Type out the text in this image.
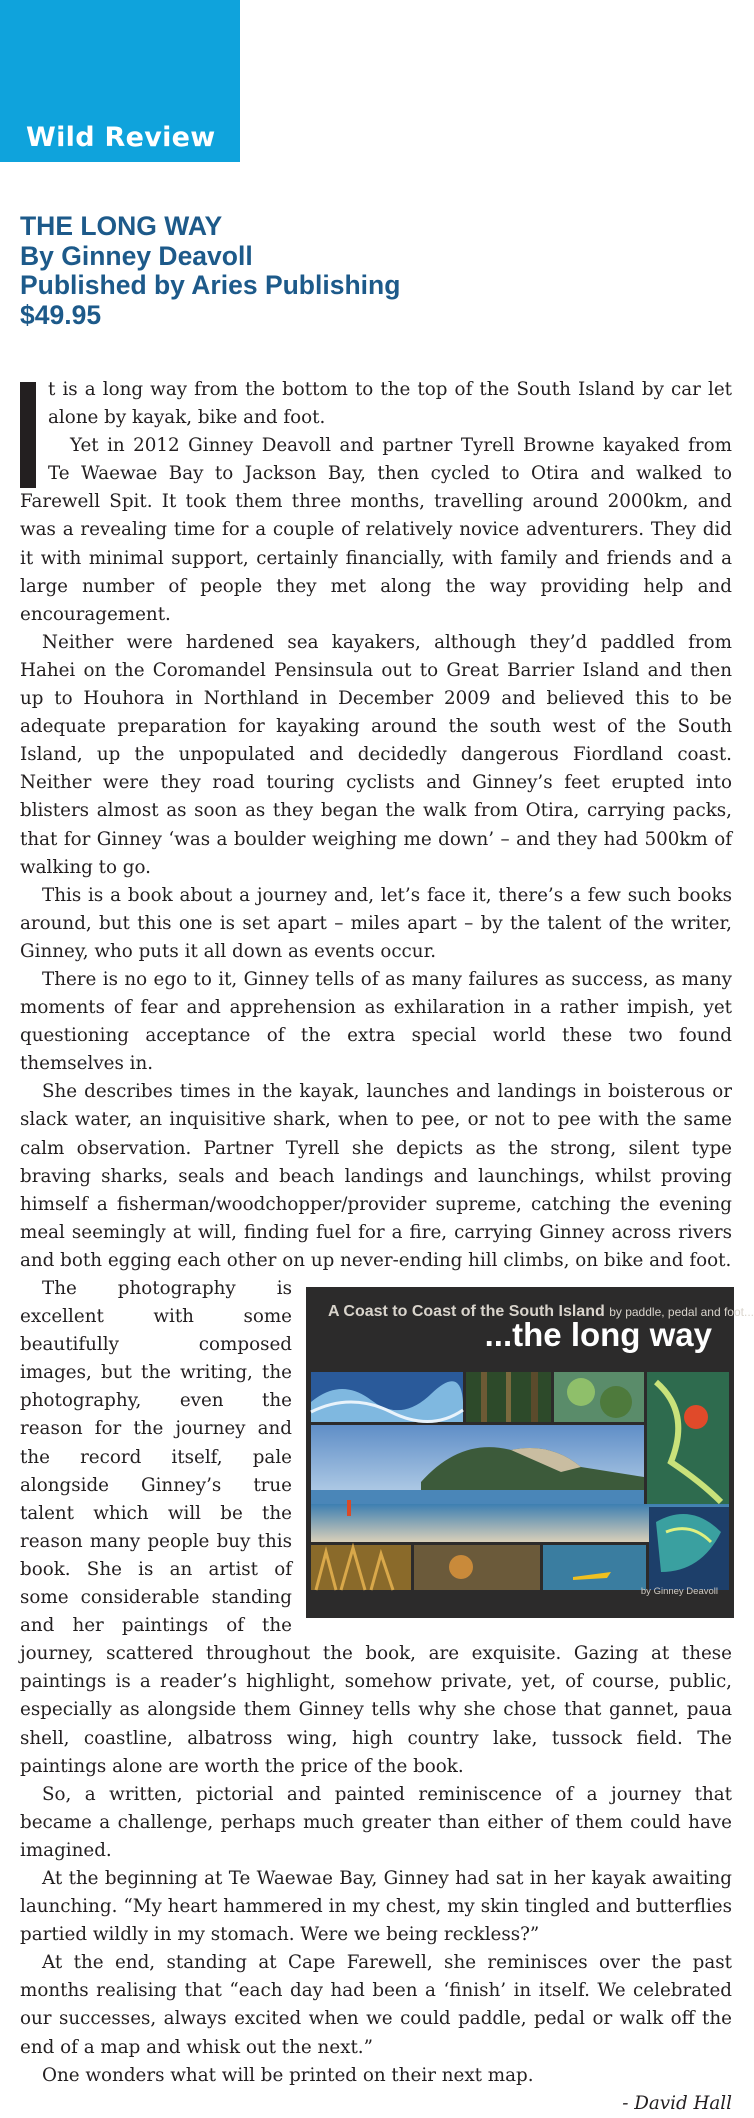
Wild Review
THE LONG WAY
By Ginney Deavoll
Published by Aries Publishing
$49.95

I	t is a long way from the bottom to the top of the South Island by car let alone by kayak, bike and foot.

Yet in 2012 Ginney Deavoll and partner Tyrell Browne kayaked from Te Waewae Bay to Jackson Bay, then cycled to Otira and walked to Farewell Spit. It took them three months, travelling around 2000km, and was a revealing time for a couple of relatively novice adventurers. They did it with minimal support, certainly financially, with family and friends and a large number of people they met along the way providing help and encouragement.

Neither were hardened sea kayakers, although they’d paddled from Hahei on the Coromandel Pensinsula out to Great Barrier Island and then up to Houhora in Northland in December 2009 and believed this to be adequate preparation for kayaking around the south west of the South Island, up the unpopulated and decidedly dangerous Fiordland coast. Neither were they road touring cyclists and Ginney’s feet erupted into blisters almost as soon as they began the walk from Otira, carrying packs, that for Ginney ‘was a boulder weighing me down’ – and they had 500km of walking to go.

This is a book about a journey and, let’s face it, there’s a few such books around, but this one is set apart – miles apart – by the talent of the writer, Ginney, who puts it all down as events occur.

There is no ego to it, Ginney tells of as many failures as success, as many moments of fear and apprehension as exhilaration in a rather impish, yet questioning acceptance of the extra special world these two found themselves in.

She describes times in the kayak, launches and landings in boisterous or slack water, an inquisitive shark, when to pee, or not to pee with the same calm observation. Partner Tyrell she depicts as the strong, silent type braving sharks, seals and beach landings and launchings, whilst proving himself a fisherman/woodchopper/provider supreme, catching the evening meal seemingly at will, finding fuel for a fire, carrying Ginney across rivers and both egging each other on up never-ending hill climbs, on bike and foot.

A Coast to Coast of the South Island by paddle, pedal and foot...
...the long way
by Ginney Deavoll

The photography is excellent with some beautifully composed images, but the writing, the photography, even the reason for the journey and the record itself, pale alongside Ginney’s true talent which will be the reason many people buy this book. She is an artist of some considerable standing and her paintings of the journey, scattered throughout the book, are exquisite. Gazing at these paintings is a reader’s highlight, somehow private, yet, of course, public, especially as alongside them Ginney tells why she chose that gannet, paua shell, coastline, albatross wing, high country lake, tussock field. The paintings alone are worth the price of the book.

So, a written, pictorial and painted reminiscence of a journey that became a challenge, perhaps much greater than either of them could have imagined.

At the beginning at Te Waewae Bay, Ginney had sat in her kayak awaiting launching. “My heart hammered in my chest, my skin tingled and butterflies partied wildly in my stomach. Were we being reckless?”

At the end, standing at Cape Farewell, she reminisces over the past months realising that “each day had been a ‘finish’ in itself. We celebrated our successes, always excited when we could paddle, pedal or walk off the end of a map and whisk out the next.”

One wonders what will be printed on their next map.

- David Hall
